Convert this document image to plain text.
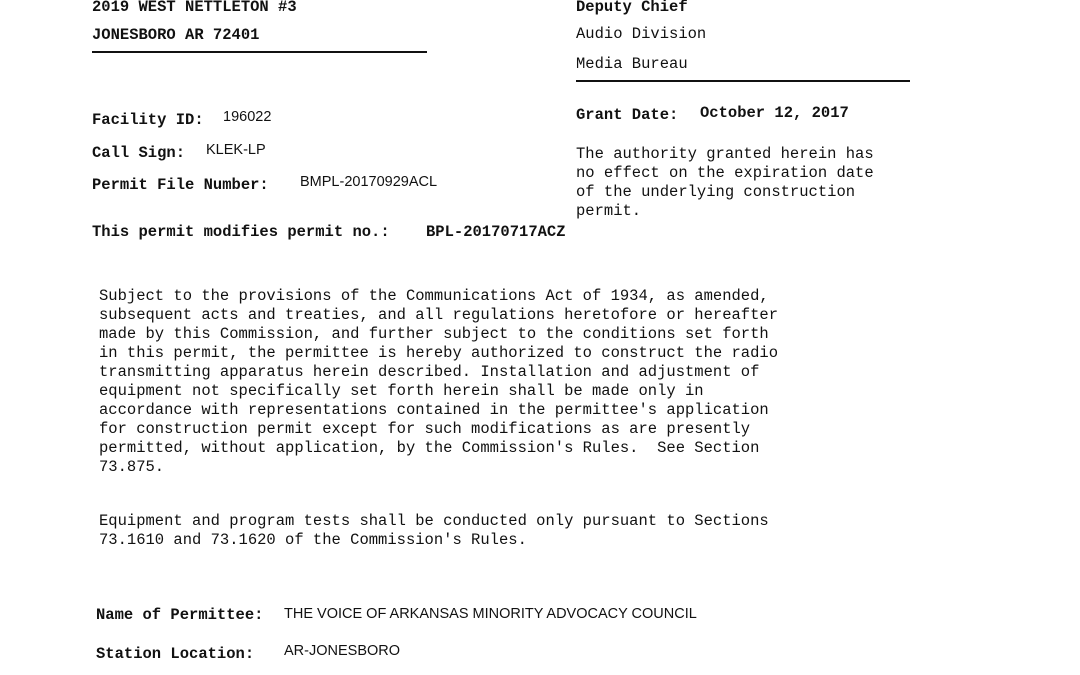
2019 WEST NETTLETON #3
JONESBORO AR 72401
Deputy Chief
Audio Division
Media Bureau
Facility ID: 196022
Call Sign: KLEK-LP
Permit File Number: BMPL-20170929ACL
Grant Date: October 12, 2017
The authority granted herein has
no effect on the expiration date
of the underlying construction
permit.
This permit modifies permit no.: BPL-20170717ACZ
Subject to the provisions of the Communications Act of 1934, as amended,
subsequent acts and treaties, and all regulations heretofore or hereafter
made by this Commission, and further subject to the conditions set forth
in this permit, the permittee is hereby authorized to construct the radio
transmitting apparatus herein described. Installation and adjustment of
equipment not specifically set forth herein shall be made only in
accordance with representations contained in the permittee's application
for construction permit except for such modifications as are presently
permitted, without application, by the Commission's Rules.  See Section
73.875.
Equipment and program tests shall be conducted only pursuant to Sections
73.1610 and 73.1620 of the Commission's Rules.
Name of Permittee: THE VOICE OF ARKANSAS MINORITY ADVOCACY COUNCIL
Station Location: AR-JONESBORO
